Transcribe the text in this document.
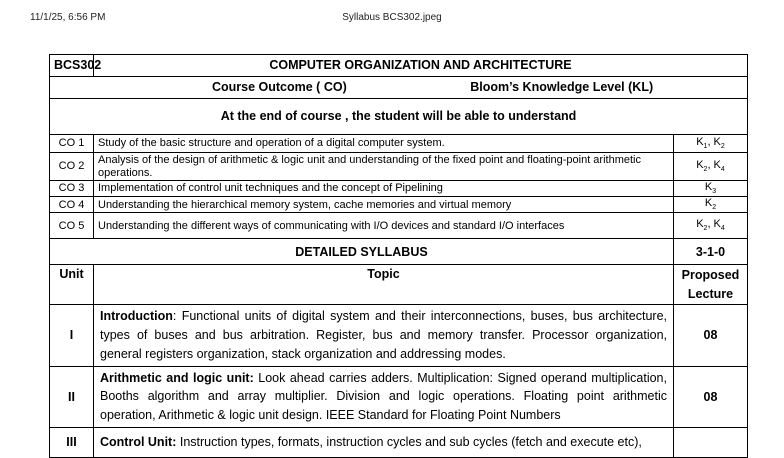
11/1/25, 6:56 PM	Syllabus BCS302.jpeg
BCS302	COMPUTER ORGANIZATION AND ARCHITECTURE	
Course Outcome ( CO) Bloom’s Knowledge Level (KL)		
At the end of course , the student will be able to understand		
CO 1	Study of the basic structure and operation of a digital computer system.	$K_1$, $K_2$
CO 2	Analysis of the design of arithmetic & logic unit and understanding of the fixed point and floating-point arithmetic operations.	$K_2$, $K_4$
CO 3	Implementation of control unit techniques and the concept of Pipelining	$K_3$
CO 4	Understanding the hierarchical memory system, cache memories and virtual memory	$K_2$
CO 5	Understanding the different ways of communicating with I/O devices and standard I/O interfaces	$K_2$, $K_4$
DETAILED SYLLABUS		3-1-0
Unit	Topic	Proposed Lecture
I	Introduction: Functional units of digital system and their interconnections, buses, bus architecture, types of buses and bus arbitration. Register, bus and memory transfer. Processor organization, general registers organization, stack organization and addressing modes.	08
II	Arithmetic and logic unit: Look ahead carries adders. Multiplication: Signed operand multiplication, Booths algorithm and array multiplier. Division and logic operations. Floating point arithmetic operation, Arithmetic & logic unit design. IEEE Standard for Floating Point Numbers	08
III	Control Unit: Instruction types, formats, instruction cycles and sub cycles (fetch and execute etc),	
